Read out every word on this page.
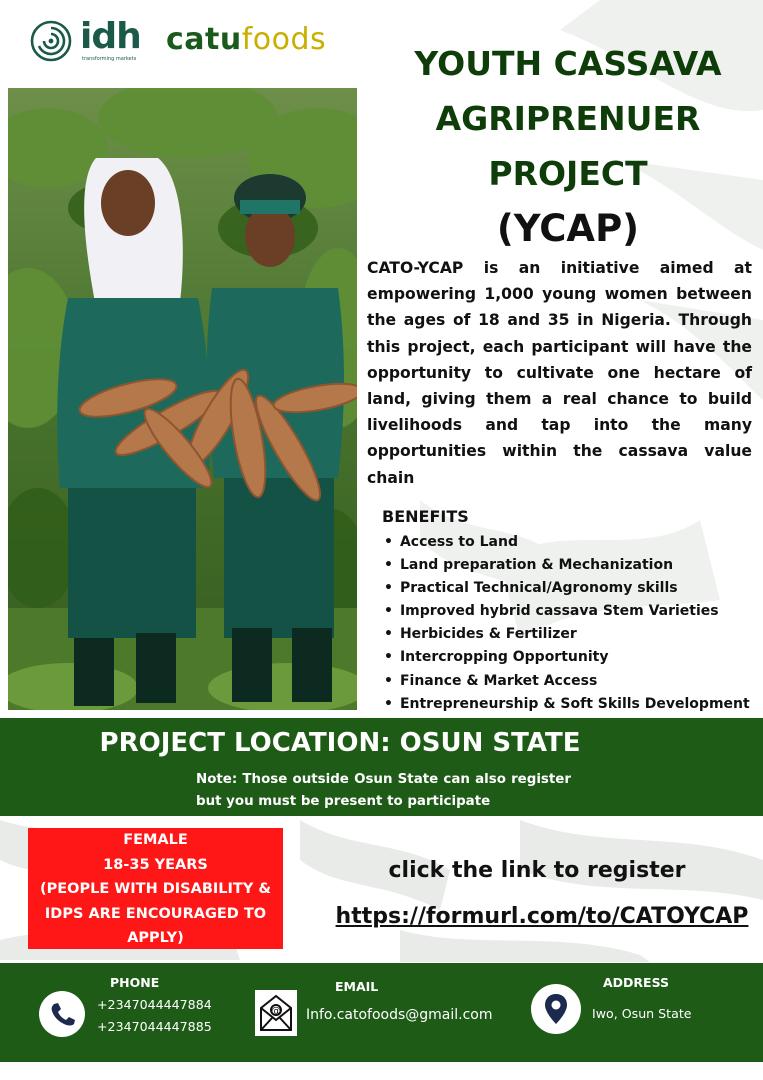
idh
transforming markets
catufoods
YOUTH CASSAVA
AGRIPRENUER
PROJECT
(YCAP)

CATO-YCAP is an initiative aimed at empowering 1,000 young women between the ages of 18 and 35 in Nigeria. Through this project, each participant will have the opportunity to cultivate one hectare of land, giving them a real chance to build livelihoods and tap into the many opportunities within the cassava value chain

BENEFITS
• Access to Land
• Land preparation & Mechanization
• Practical Technical/Agronomy skills
• Improved hybrid cassava Stem Varieties
• Herbicides & Fertilizer
• Intercropping Opportunity
• Finance & Market Access
• Entrepreneurship & Soft Skills Development
PROJECT LOCATION: OSUN STATE
Note: Those outside Osun State can also register but you must be present to participate
FEMALE
18-35 YEARS
(PEOPLE WITH DISABILITY &
IDPS ARE ENCOURAGED TO
APPLY)
click the link to register
https://formurl.com/to/CATOYCAP
PHONE
+2347044447884
+2347044447885
@
EMAIL
Info.catofoods@gmail.com
ADDRESS
Iwo, Osun State
